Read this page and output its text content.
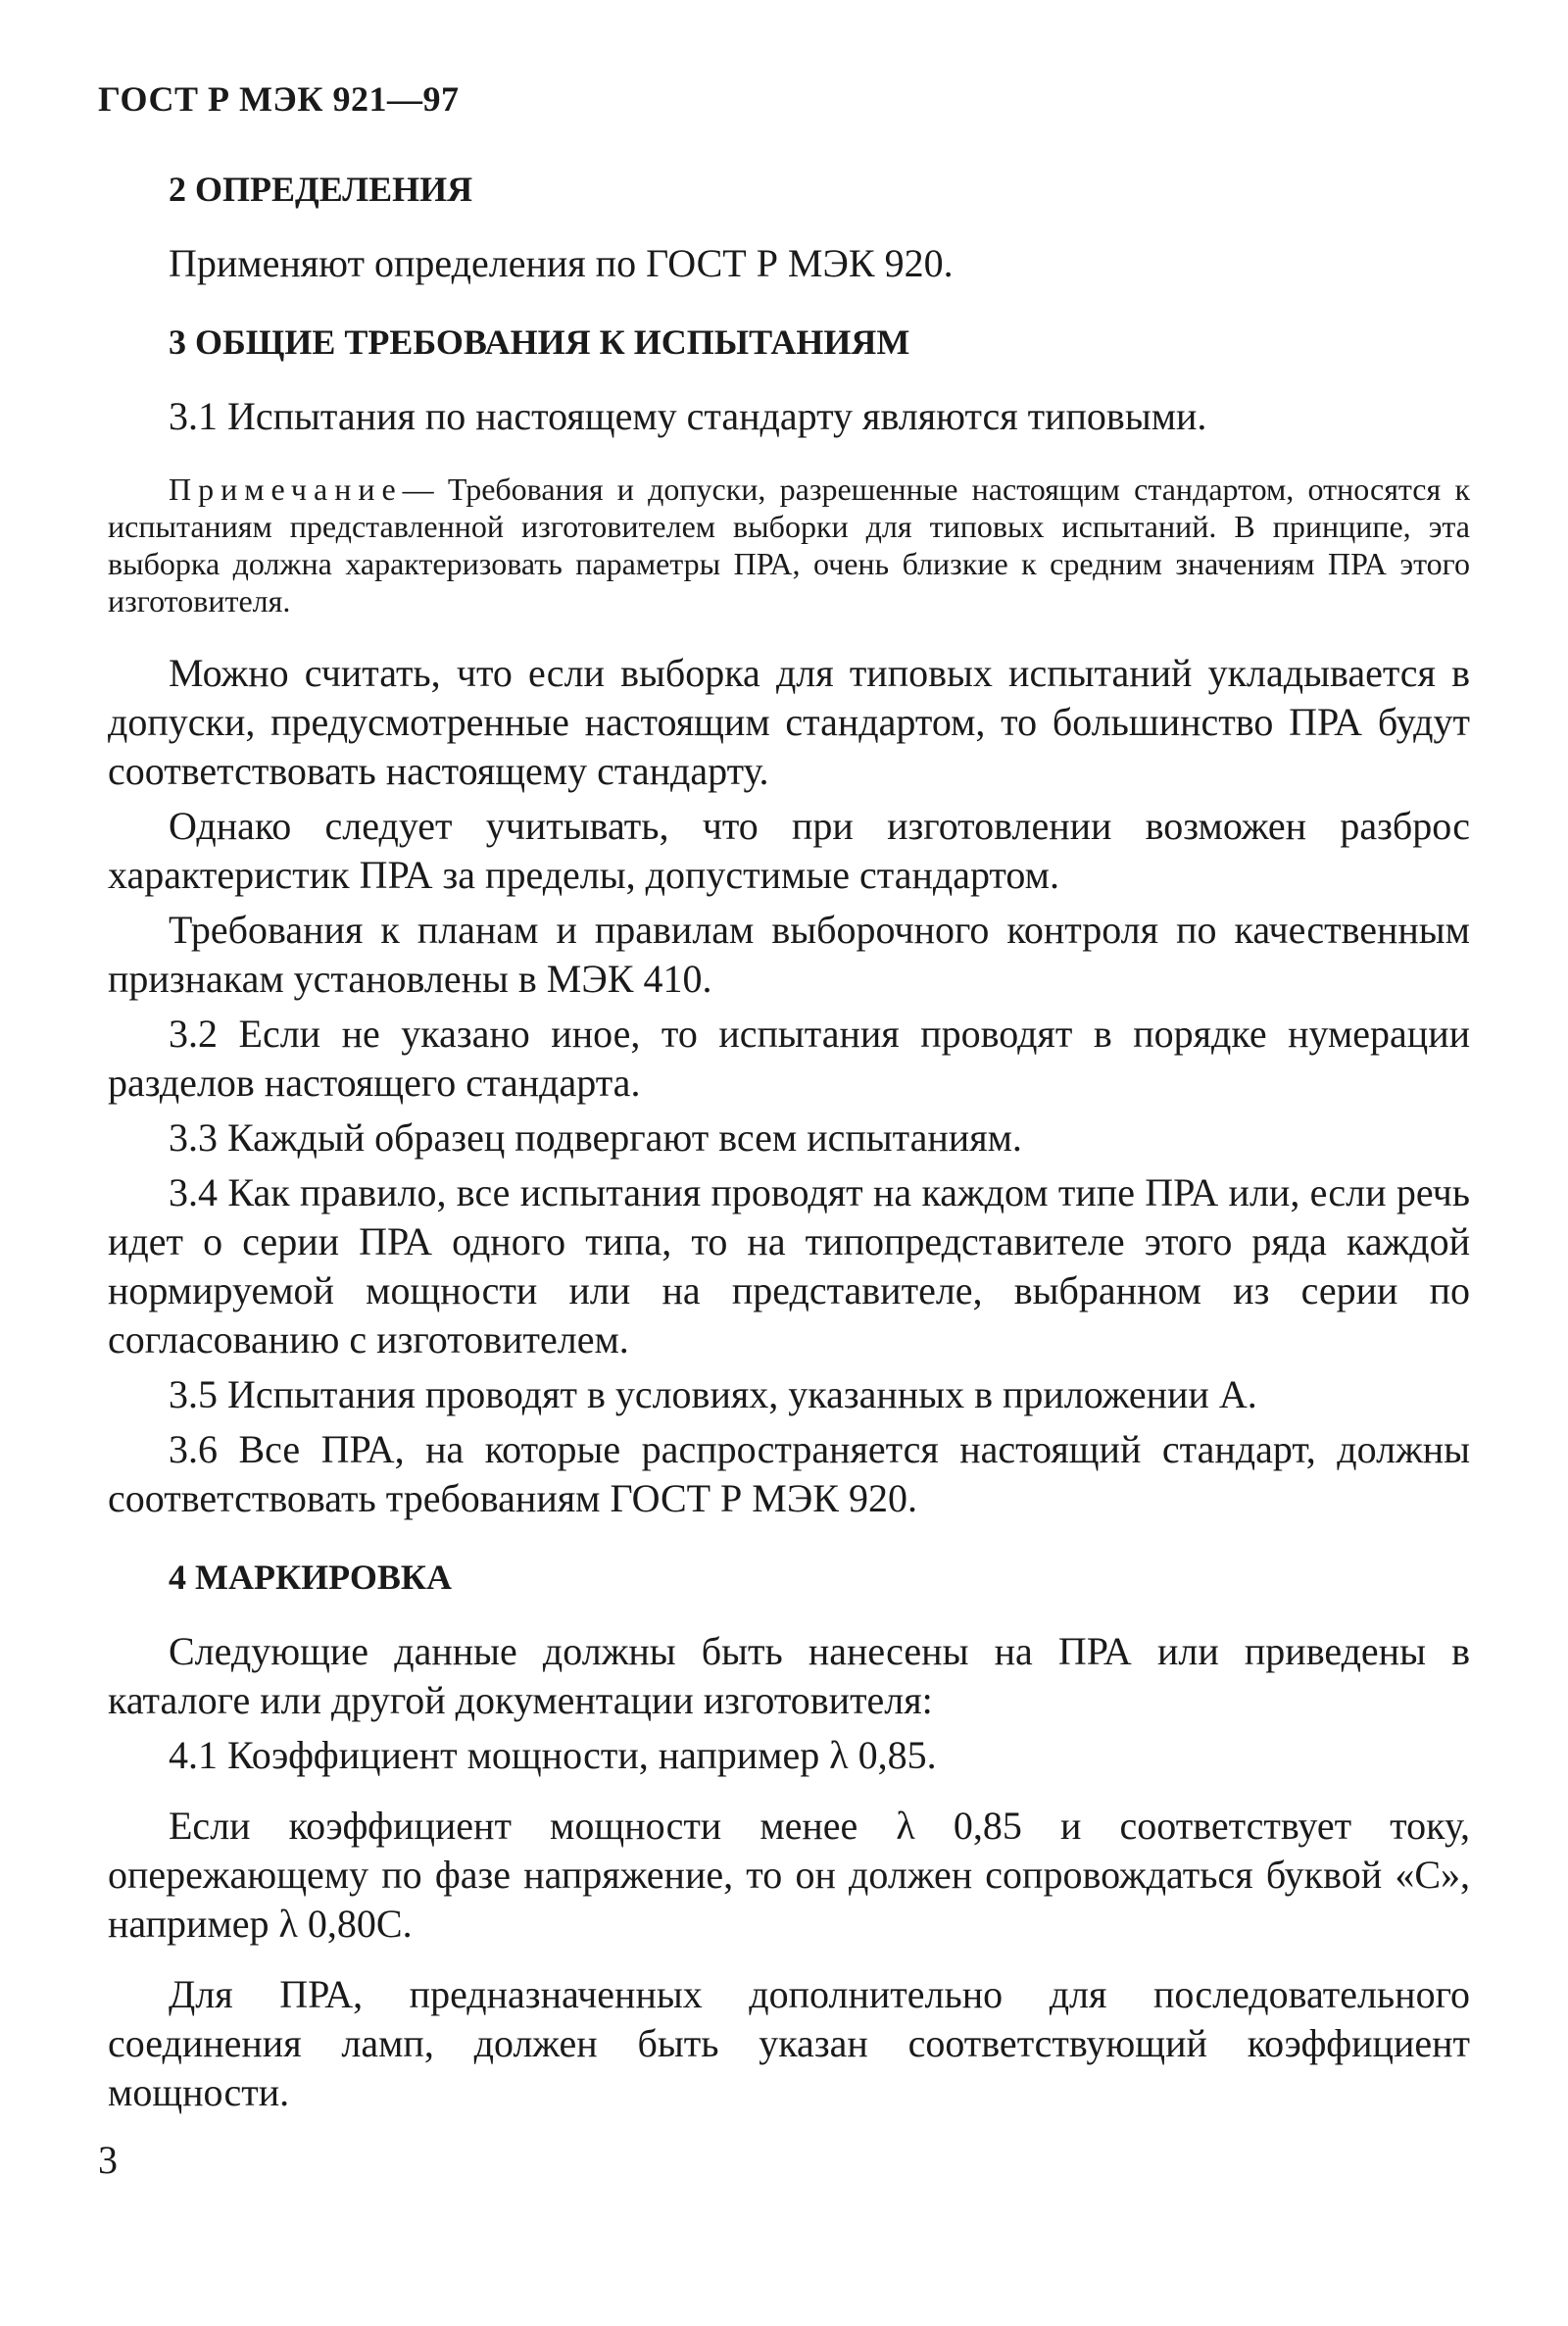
ГОСТ Р МЭК 921—97
2 ОПРЕДЕЛЕНИЯ

Применяют определения по ГОСТ Р МЭК 920.

3 ОБЩИЕ ТРЕБОВАНИЯ К ИСПЫТАНИЯМ

3.1 Испытания по настоящему стандарту являются типовыми.

Примечание— Требования и допуски, разрешенные настоящим стандартом, относятся к испытаниям представленной изготовителем выборки для типовых испытаний. В принципе, эта выборка должна характеризовать параметры ПРА, очень близкие к средним значениям ПРА этого изготовителя.

Можно считать, что если выборка для типовых испытаний укладывается в допуски, предусмотренные настоящим стандартом, то большинство ПРА будут соответствовать настоящему стандарту.

Однако следует учитывать, что при изготовлении возможен разброс характеристик ПРА за пределы, допустимые стандартом.

Требования к планам и правилам выборочного контроля по качественным признакам установлены в МЭК 410.

3.2 Если не указано иное, то испытания проводят в порядке нумерации разделов настоящего стандарта.

3.3 Каждый образец подвергают всем испытаниям.

3.4 Как правило, все испытания проводят на каждом типе ПРА или, если речь идет о серии ПРА одного типа, то на типопредставителе этого ряда каждой нормируемой мощности или на представителе, выбранном из серии по согласованию с изготовителем.

3.5 Испытания проводят в условиях, указанных в приложении А.

3.6 Все ПРА, на которые распространяется настоящий стандарт, должны соответствовать требованиям ГОСТ Р МЭК 920.

4 МАРКИРОВКА

Следующие данные должны быть нанесены на ПРА или приведены в каталоге или другой документации изготовителя:

4.1 Коэффициент мощности, например λ 0,85.

Если коэффициент мощности менее λ 0,85 и соответствует току, опережающему по фазе напряжение, то он должен сопровождаться буквой «С», например λ 0,80С.

Для ПРА, предназначенных дополнительно для последовательного соединения ламп, должен быть указан соответствующий коэффициент мощности.

3
